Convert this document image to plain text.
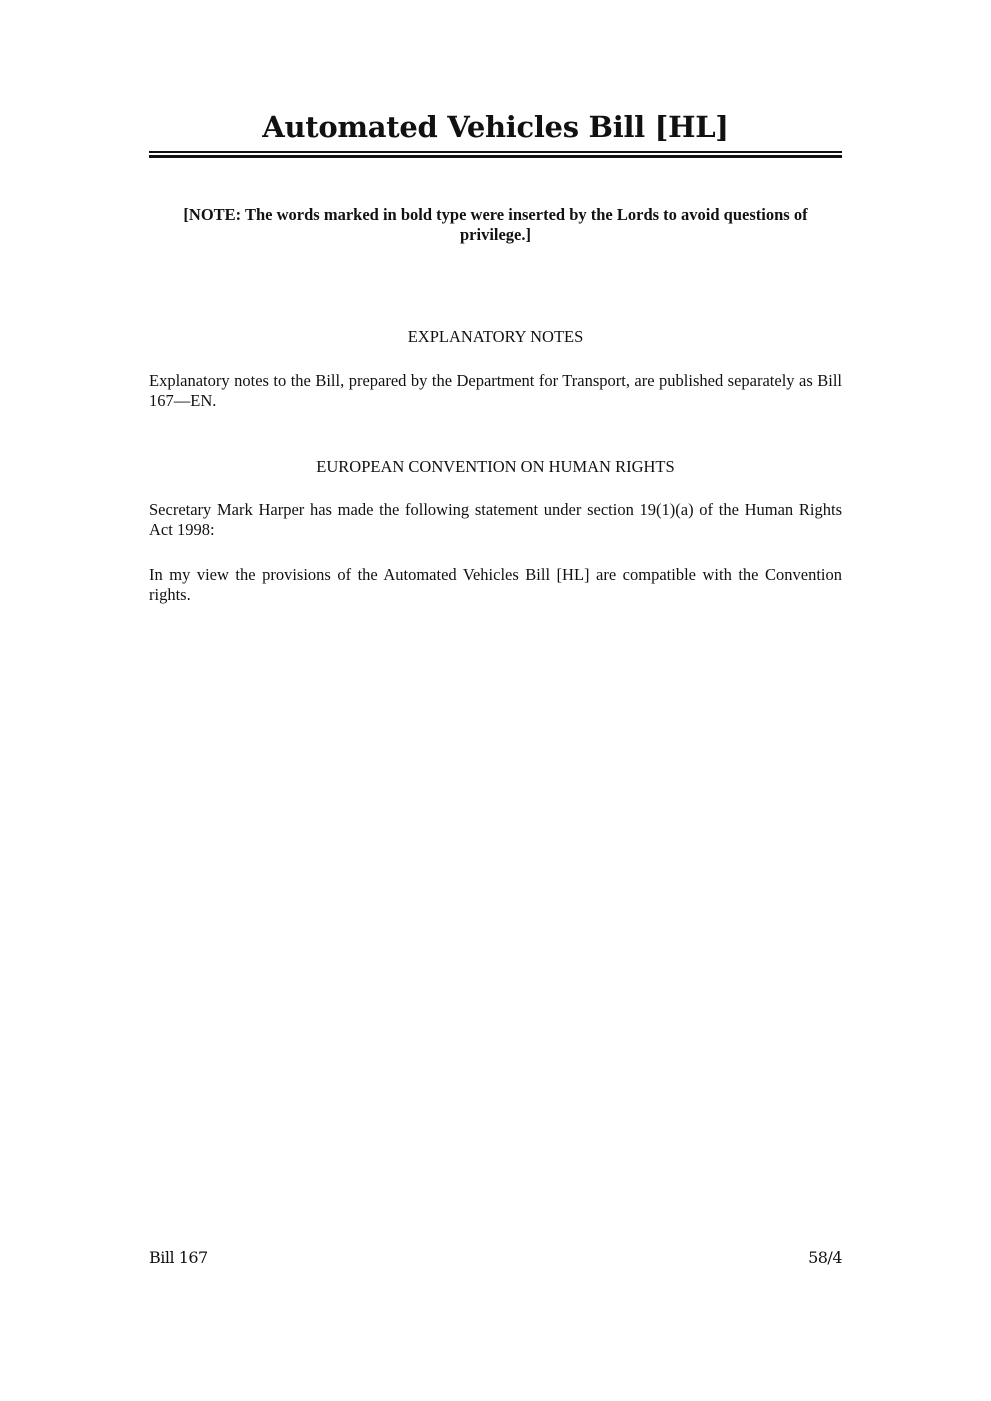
Automated Vehicles Bill [HL]
[NOTE: The words marked in bold type were inserted by the Lords to avoid questions of privilege.]
EXPLANATORY NOTES
Explanatory notes to the Bill, prepared by the Department for Transport, are published separately as Bill 167—EN.
EUROPEAN CONVENTION ON HUMAN RIGHTS
Secretary Mark Harper has made the following statement under section 19(1)(a) of the Human Rights Act 1998:
In my view the provisions of the Automated Vehicles Bill [HL] are compatible with the Convention rights.
Bill 167	58/4
